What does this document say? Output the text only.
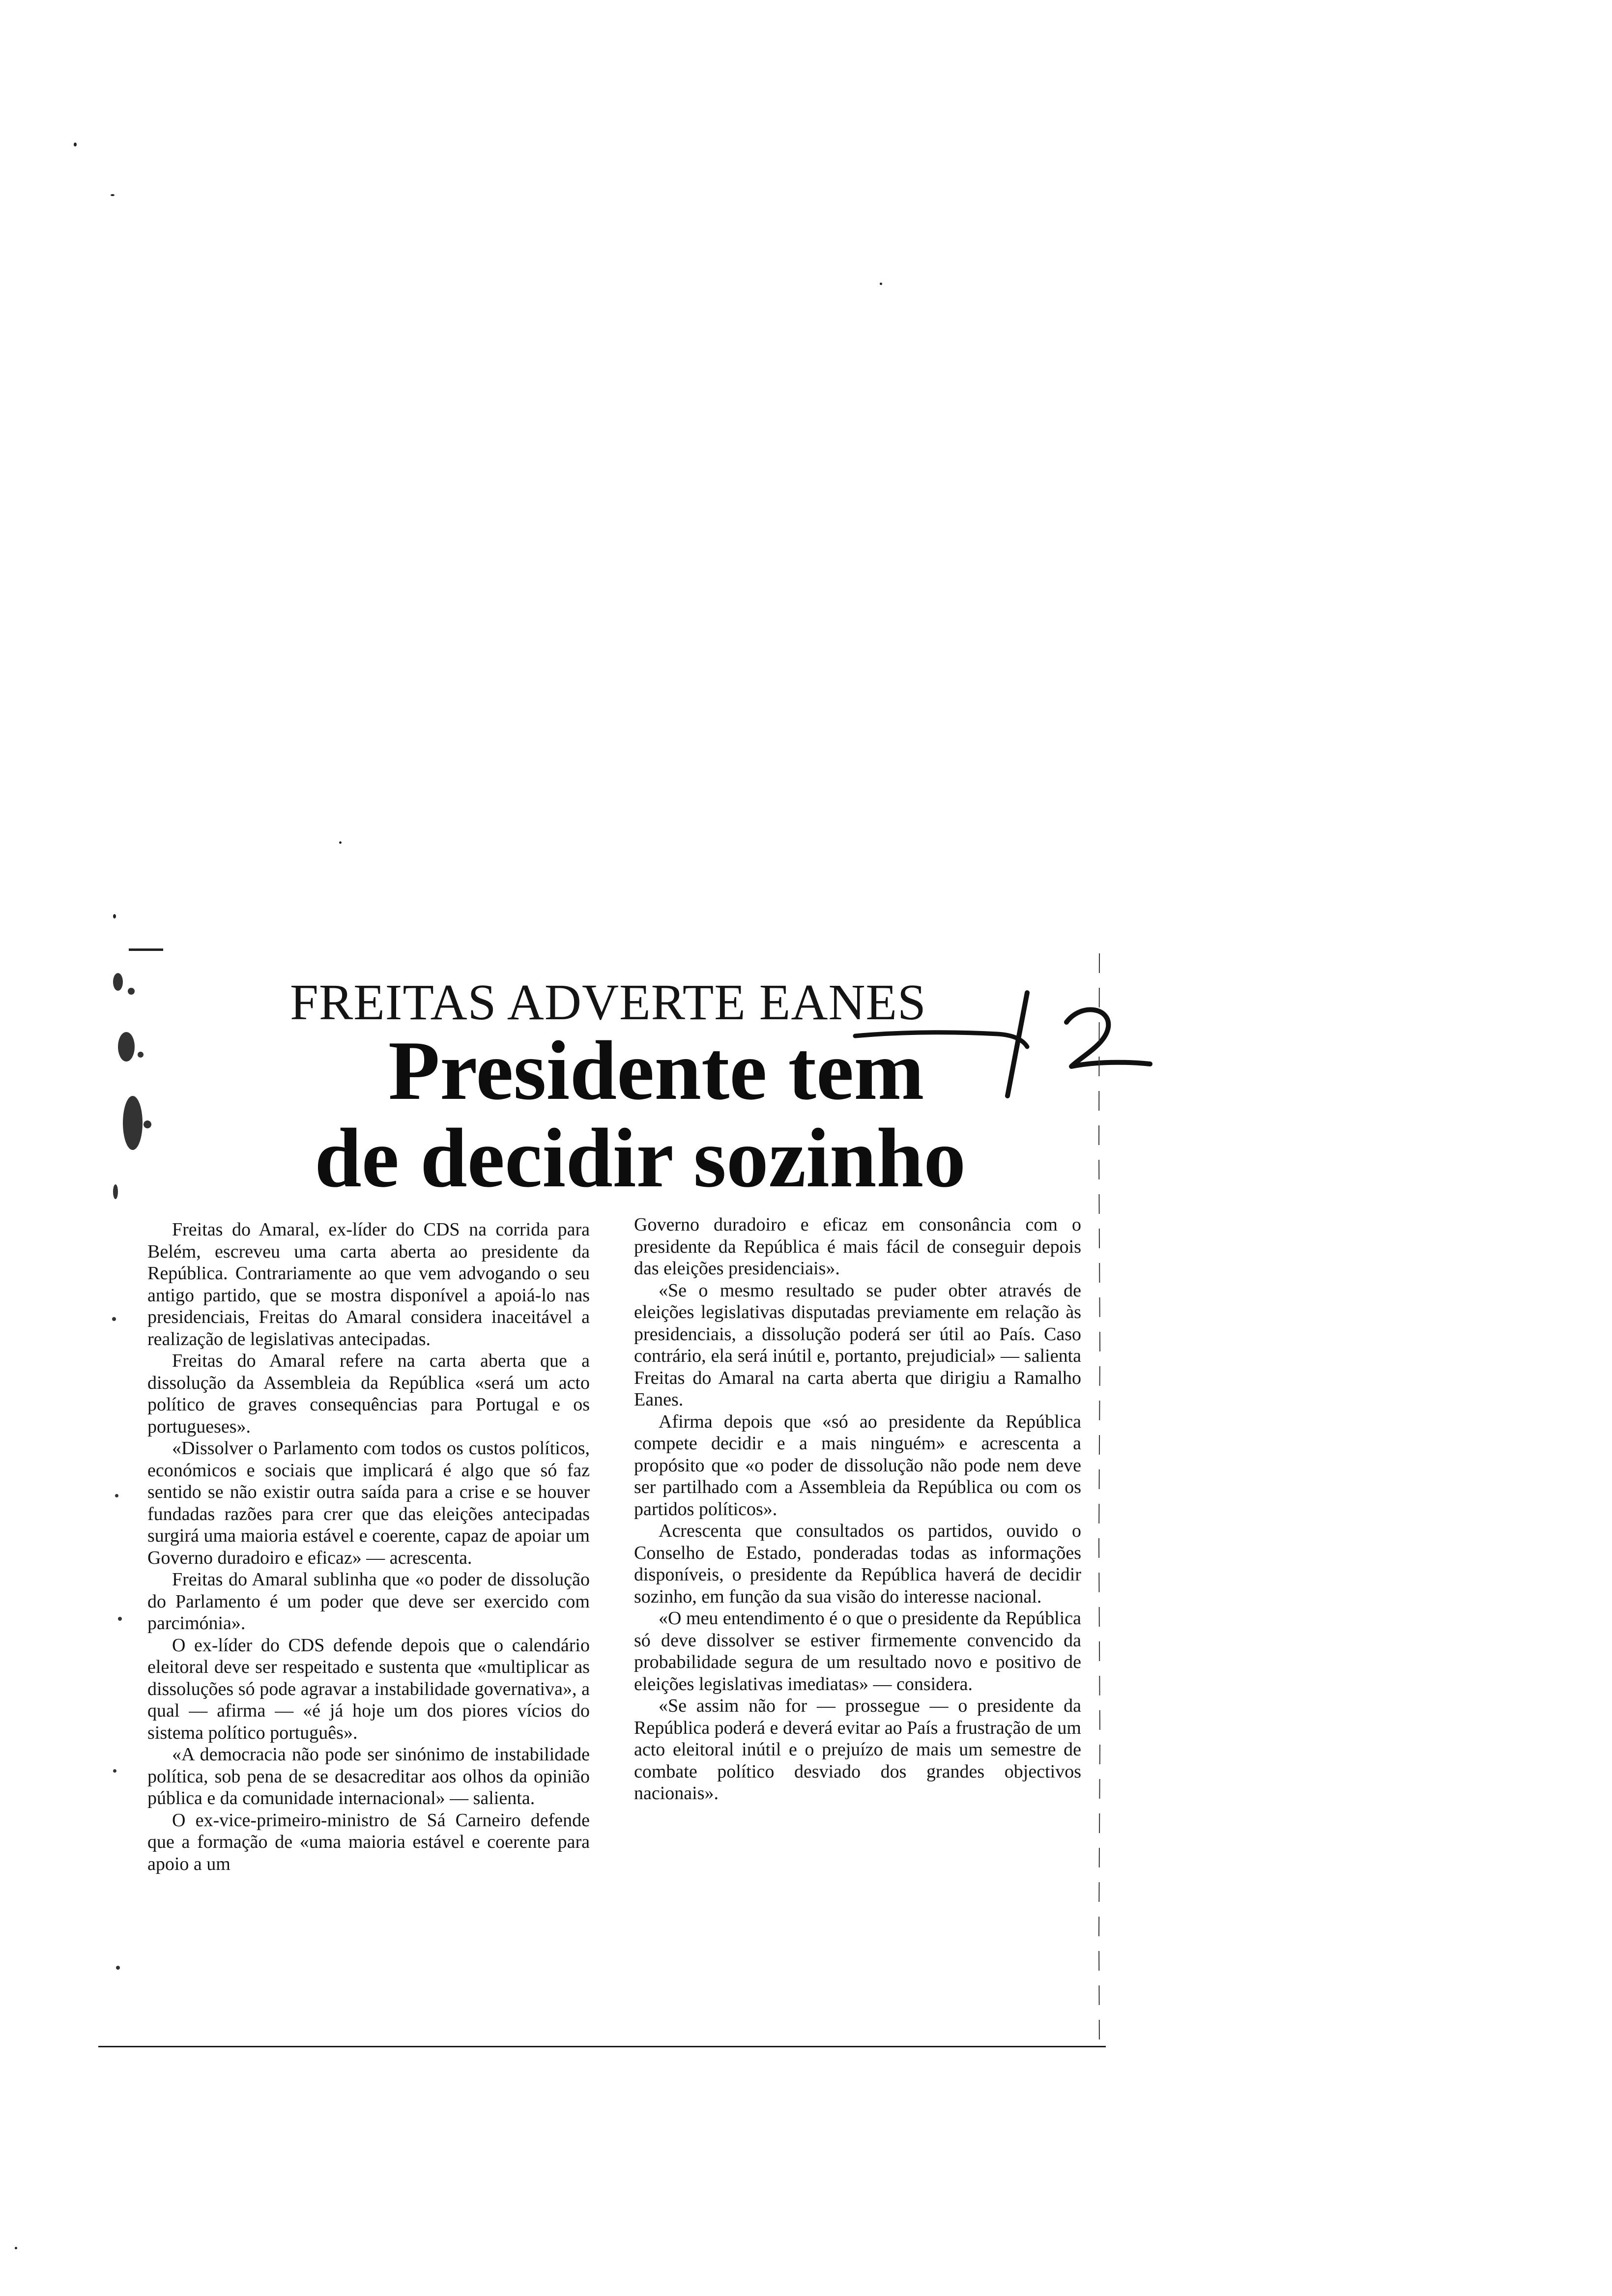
FREITAS ADVERTE EANES
Presidente tem
de decidir sozinho

Freitas do Amaral, ex-líder do CDS na corrida para Belém, escreveu uma carta aberta ao presidente da República. Contrariamente ao que vem advogando o seu antigo partido, que se mostra disponível a apoiá-lo nas presidenciais, Freitas do Amaral considera inaceitável a realização de legislativas antecipadas.

Freitas do Amaral refere na carta aberta que a dissolução da Assembleia da República «será um acto político de graves consequências para Portugal e os portugueses».

«Dissolver o Parlamento com todos os custos políticos, económicos e sociais que implicará é algo que só faz sentido se não existir outra saída para a crise e se houver fundadas razões para crer que das eleições antecipadas surgirá uma maioria estável e coerente, capaz de apoiar um Governo duradoiro e eficaz» — acrescenta.

Freitas do Amaral sublinha que «o poder de dissolução do Parlamento é um poder que deve ser exercido com parcimónia».

O ex-líder do CDS defende depois que o calendário eleitoral deve ser respeitado e sustenta que «multiplicar as dissoluções só pode agravar a instabilidade governativa», a qual — afirma — «é já hoje um dos piores vícios do sistema político português».

«A democracia não pode ser sinónimo de instabilidade política, sob pena de se desacreditar aos olhos da opinião pública e da comunidade internacional» — salienta.

O ex-vice-primeiro-ministro de Sá Carneiro defende que a formação de «uma maioria estável e coerente para apoio a um

Governo duradoiro e eficaz em consonância com o presidente da República é mais fácil de conseguir depois das eleições presidenciais».

«Se o mesmo resultado se puder obter através de eleições legislativas disputadas previamente em relação às presidenciais, a dissolução poderá ser útil ao País. Caso contrário, ela será inútil e, portanto, prejudicial» — salienta Freitas do Amaral na carta aberta que dirigiu a Ramalho Eanes.

Afirma depois que «só ao presidente da República compete decidir e a mais ninguém» e acrescenta a propósito que «o poder de dissolução não pode nem deve ser partilhado com a Assembleia da República ou com os partidos políticos».

Acrescenta que consultados os partidos, ouvido o Conselho de Estado, ponderadas todas as informações disponíveis, o presidente da República haverá de decidir sozinho, em função da sua visão do interesse nacional.

«O meu entendimento é o que o presidente da República só deve dissolver se estiver firmemente convencido da probabilidade segura de um resultado novo e positivo de eleições legislativas imediatas» — considera.

«Se assim não for — prossegue — o presidente da República poderá e deverá evitar ao País a frustração de um acto eleitoral inútil e o prejuízo de mais um semestre de combate político desviado dos grandes objectivos nacionais».
